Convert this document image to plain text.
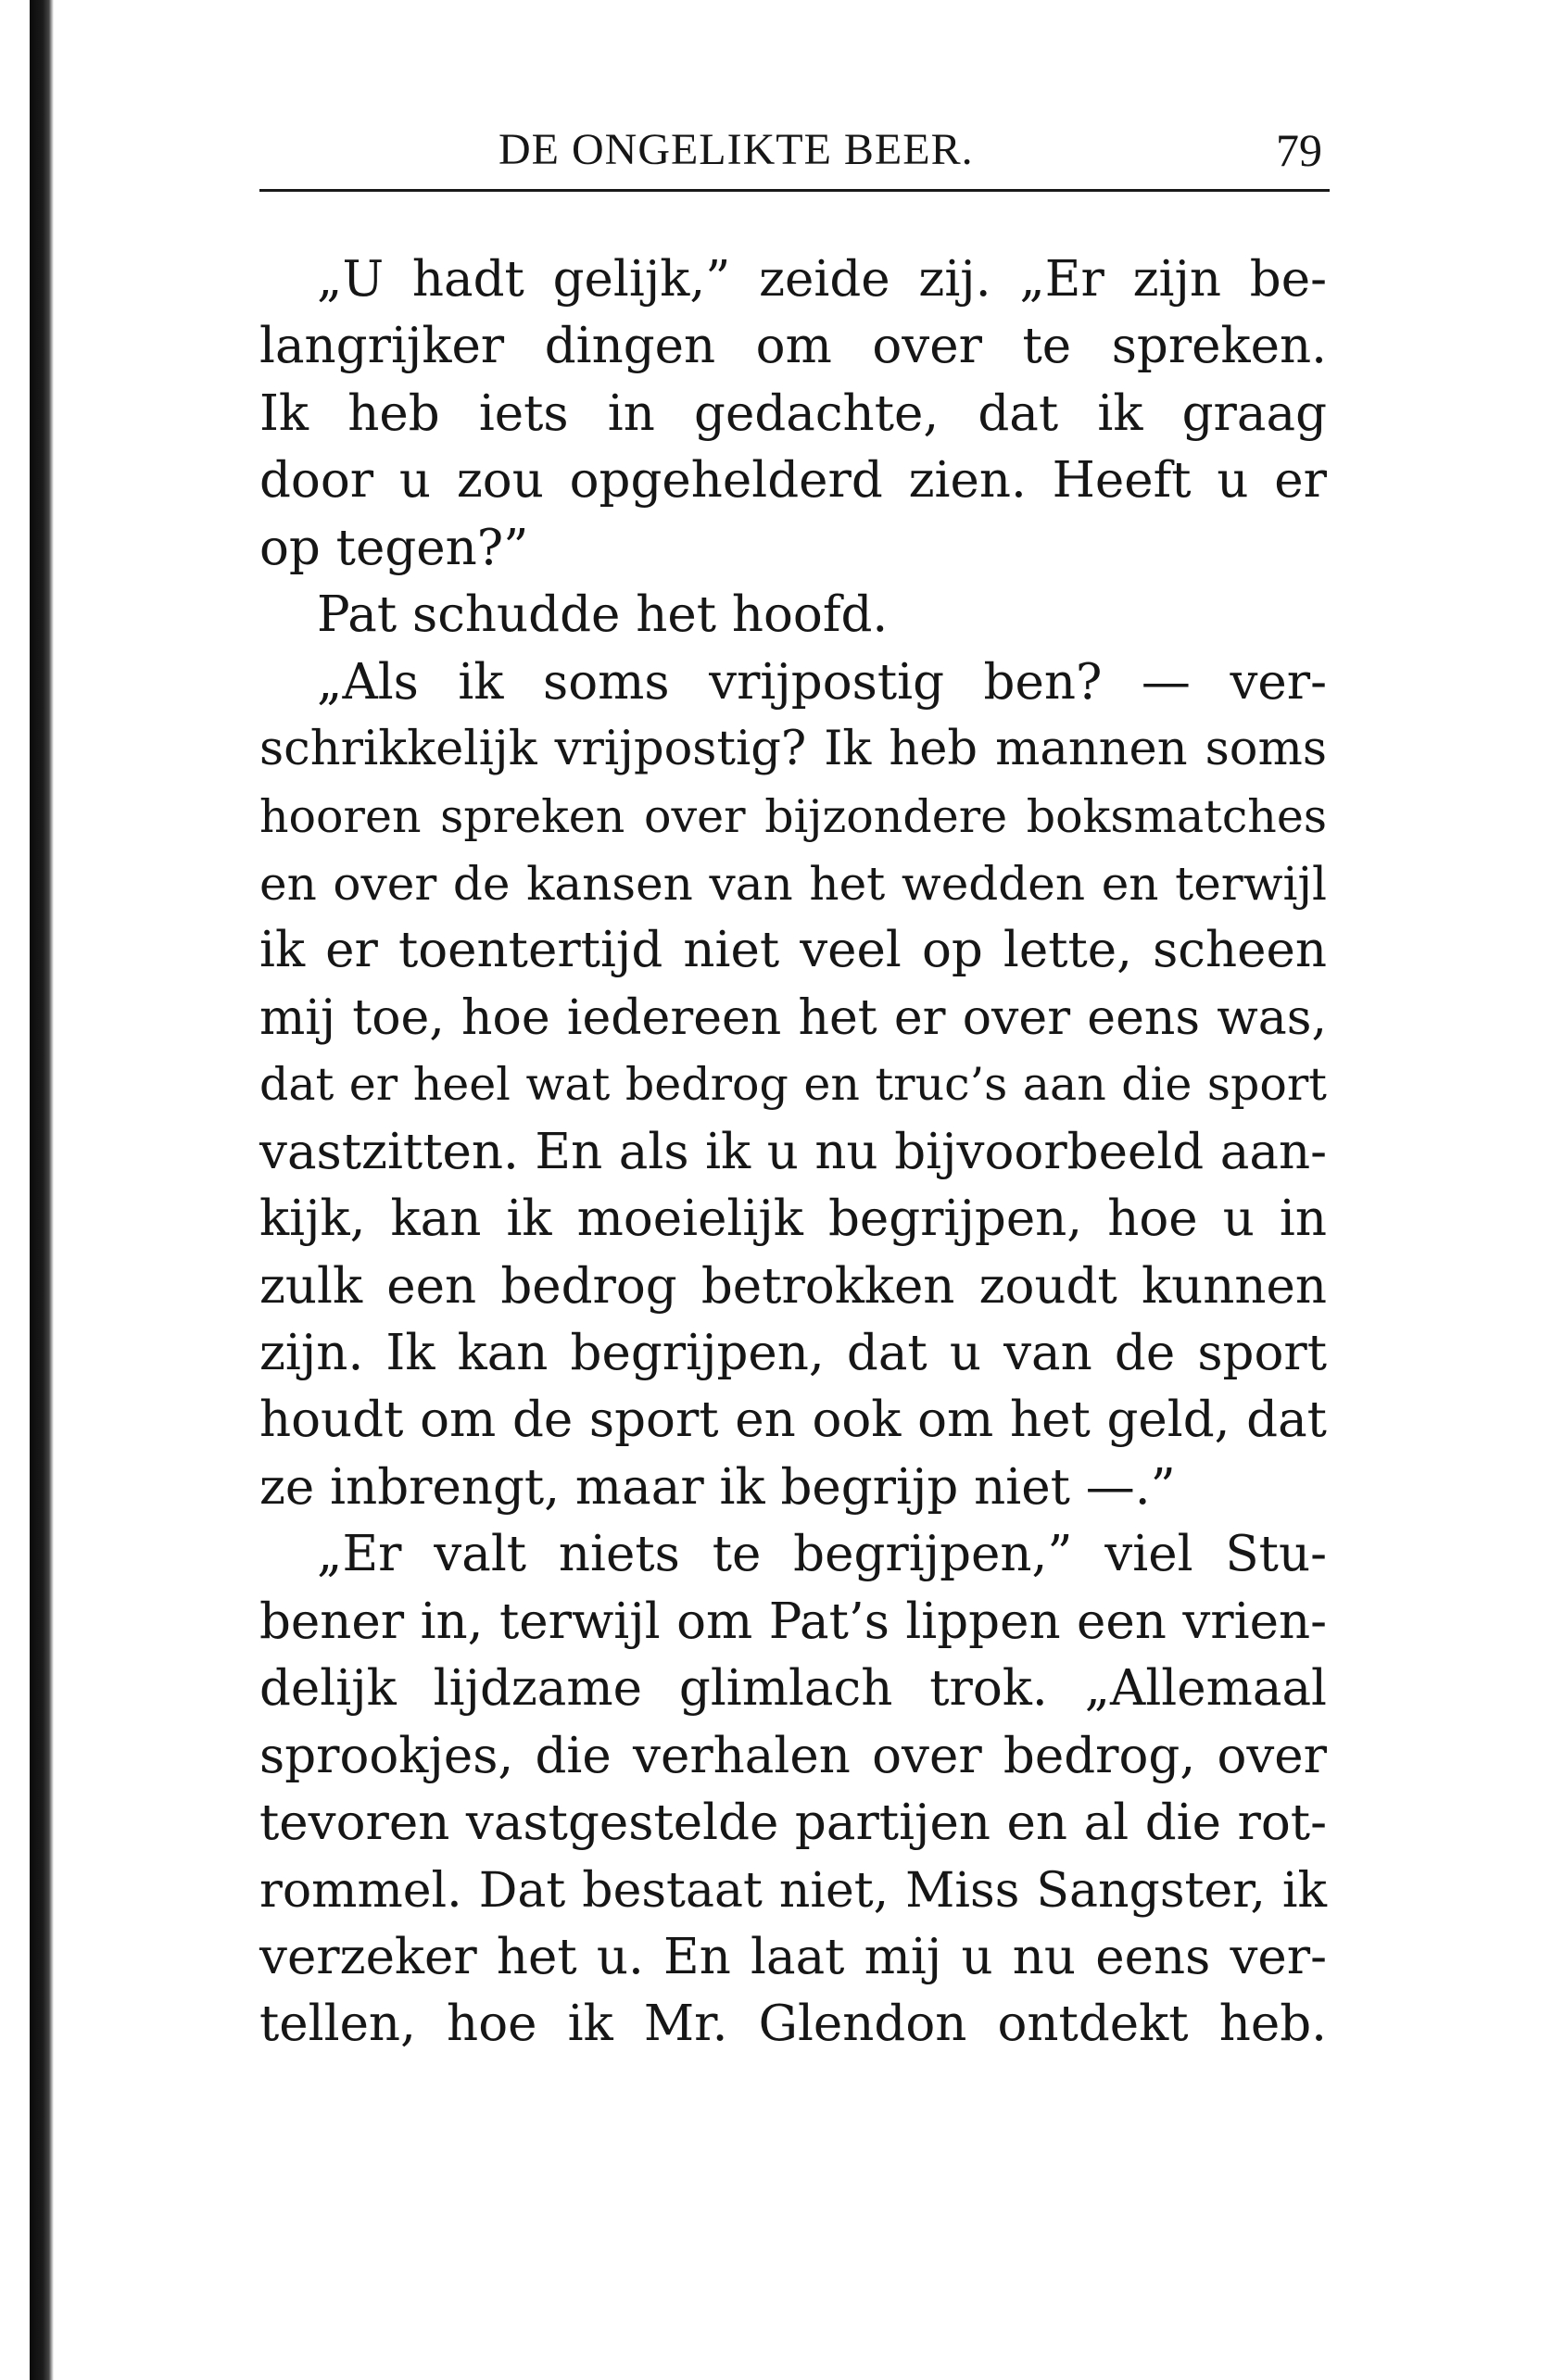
DE ONGELIKTE BEER.	79
„U hadt gelijk,” zeide zij. „Er zijn be-
langrijker dingen om over te spreken.
Ik heb iets in gedachte, dat ik graag
door u zou opgehelderd zien. Heeft u er
op tegen?”
Pat schudde het hoofd.
„Als ik soms vrijpostig ben? — ver-
schrikkelijk vrijpostig? Ik heb mannen soms
hooren spreken over bijzondere boksmatches
en over de kansen van het wedden en terwijl
ik er toentertijd niet veel op lette, scheen
mij toe, hoe iedereen het er over eens was,
dat er heel wat bedrog en truc’s aan die sport
vastzitten. En als ik u nu bijvoorbeeld aan-
kijk, kan ik moeielijk begrijpen, hoe u in
zulk een bedrog betrokken zoudt kunnen
zijn. Ik kan begrijpen, dat u van de sport
houdt om de sport en ook om het geld, dat
ze inbrengt, maar ik begrijp niet —.”
„Er valt niets te begrijpen,” viel Stu-
bener in, terwijl om Pat’s lippen een vrien-
delijk lijdzame glimlach trok. „Allemaal
sprookjes, die verhalen over bedrog, over
tevoren vastgestelde partijen en al die rot-
rommel. Dat bestaat niet, Miss Sangster, ik
verzeker het u. En laat mij u nu eens ver-
tellen, hoe ik Mr. Glendon ontdekt heb.
